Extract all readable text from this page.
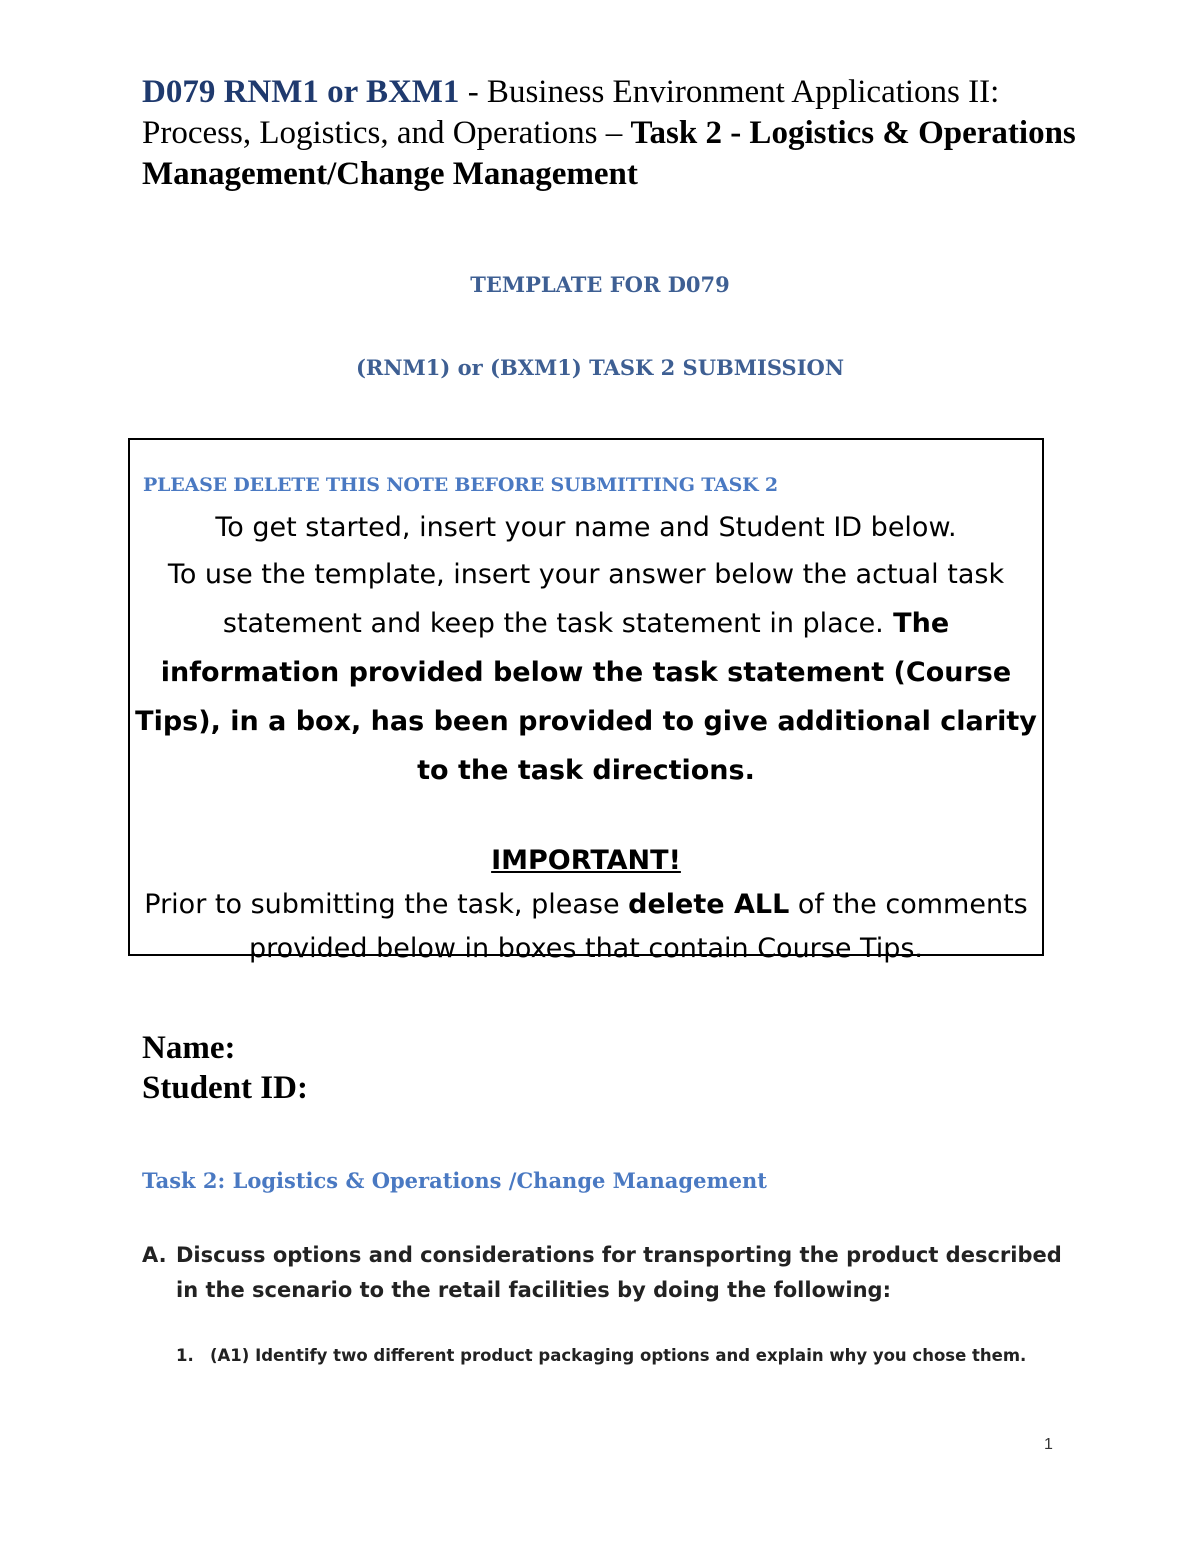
D079 RNM1 or BXM1 - Business Environment Applications II: Process, Logistics, and Operations – Task 2 - Logistics & Operations Management/Change Management

TEMPLATE FOR D079

(RNM1) or (BXM1) TASK 2 SUBMISSION

PLEASE DELETE THIS NOTE BEFORE SUBMITTING TASK 2

To get started, insert your name and Student ID below.

To use the template, insert your answer below the actual task statement and keep the task statement in place. The information provided below the task statement (Course Tips), in a box, has been provided to give additional clarity to the task directions.

IMPORTANT!

Prior to submitting the task, please delete ALL of the comments provided below in boxes that contain Course Tips.

Name:

Student ID:

Task 2: Logistics & Operations /Change Management

A. Discuss options and considerations for transporting the product described in the scenario to the retail facilities by doing the following:
1. (A1) Identify two different product packaging options and explain why you chose them.

1
